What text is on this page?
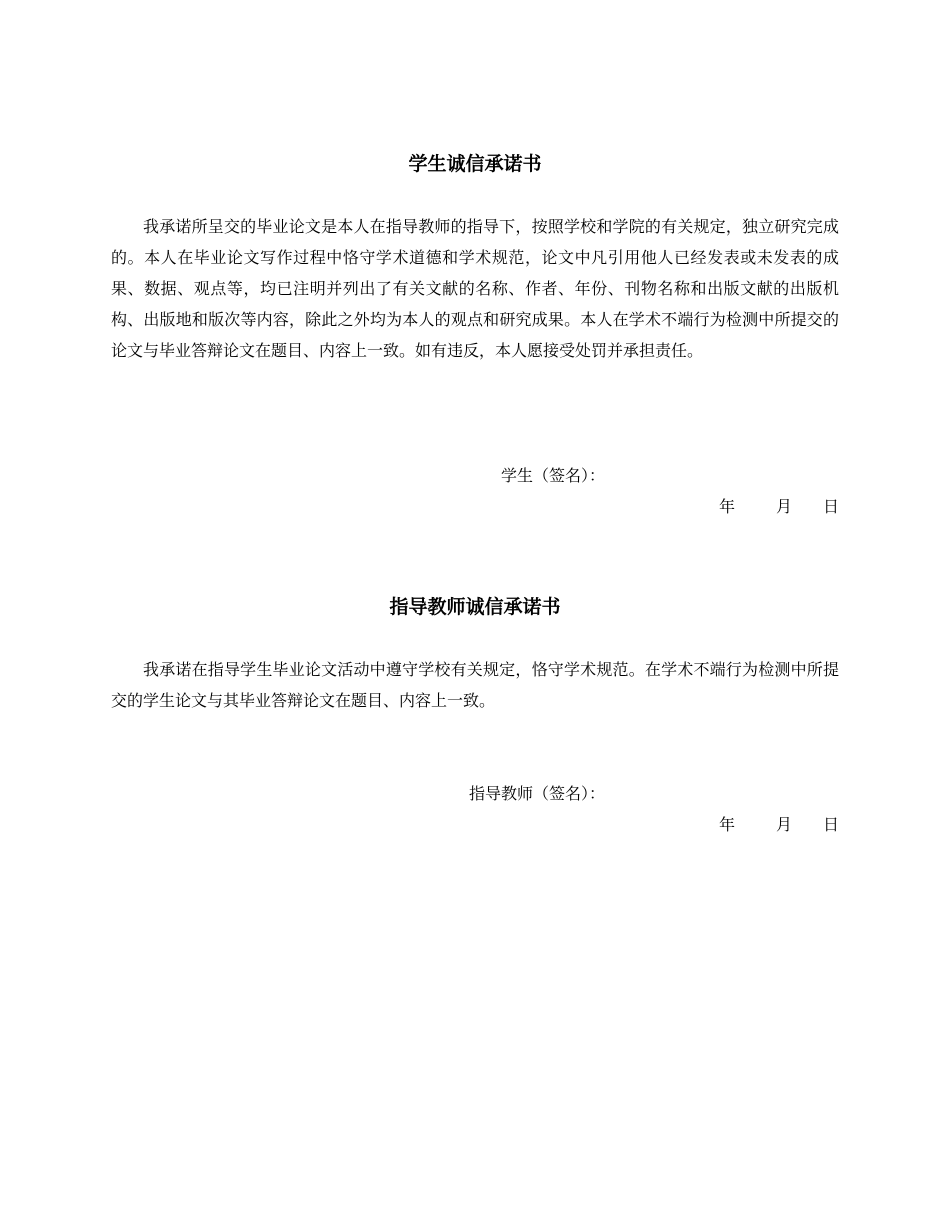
学生诚信承诺书

我承诺所呈交的毕业论文是本人在指导教师的指导下，按照学校和学院的有关规定，独立研究完成的。本人在毕业论文写作过程中恪守学术道德和学术规范，论文中凡引用他人已经发表或未发表的成果、数据、观点等，均已注明并列出了有关文献的名称、作者、年份、刊物名称和出版文献的出版机构、出版地和版次等内容，除此之外均为本人的观点和研究成果。本人在学术不端行为检测中所提交的论文与毕业答辩论文在题目、内容上一致。如有违反，本人愿接受处罚并承担责任。

学生（签名）：

年	月 日
指导教师诚信承诺书

我承诺在指导学生毕业论文活动中遵守学校有关规定，恪守学术规范。在学术不端行为检测中所提交的学生论文与其毕业答辩论文在题目、内容上一致。

指导教师（签名）：

年	月 日
